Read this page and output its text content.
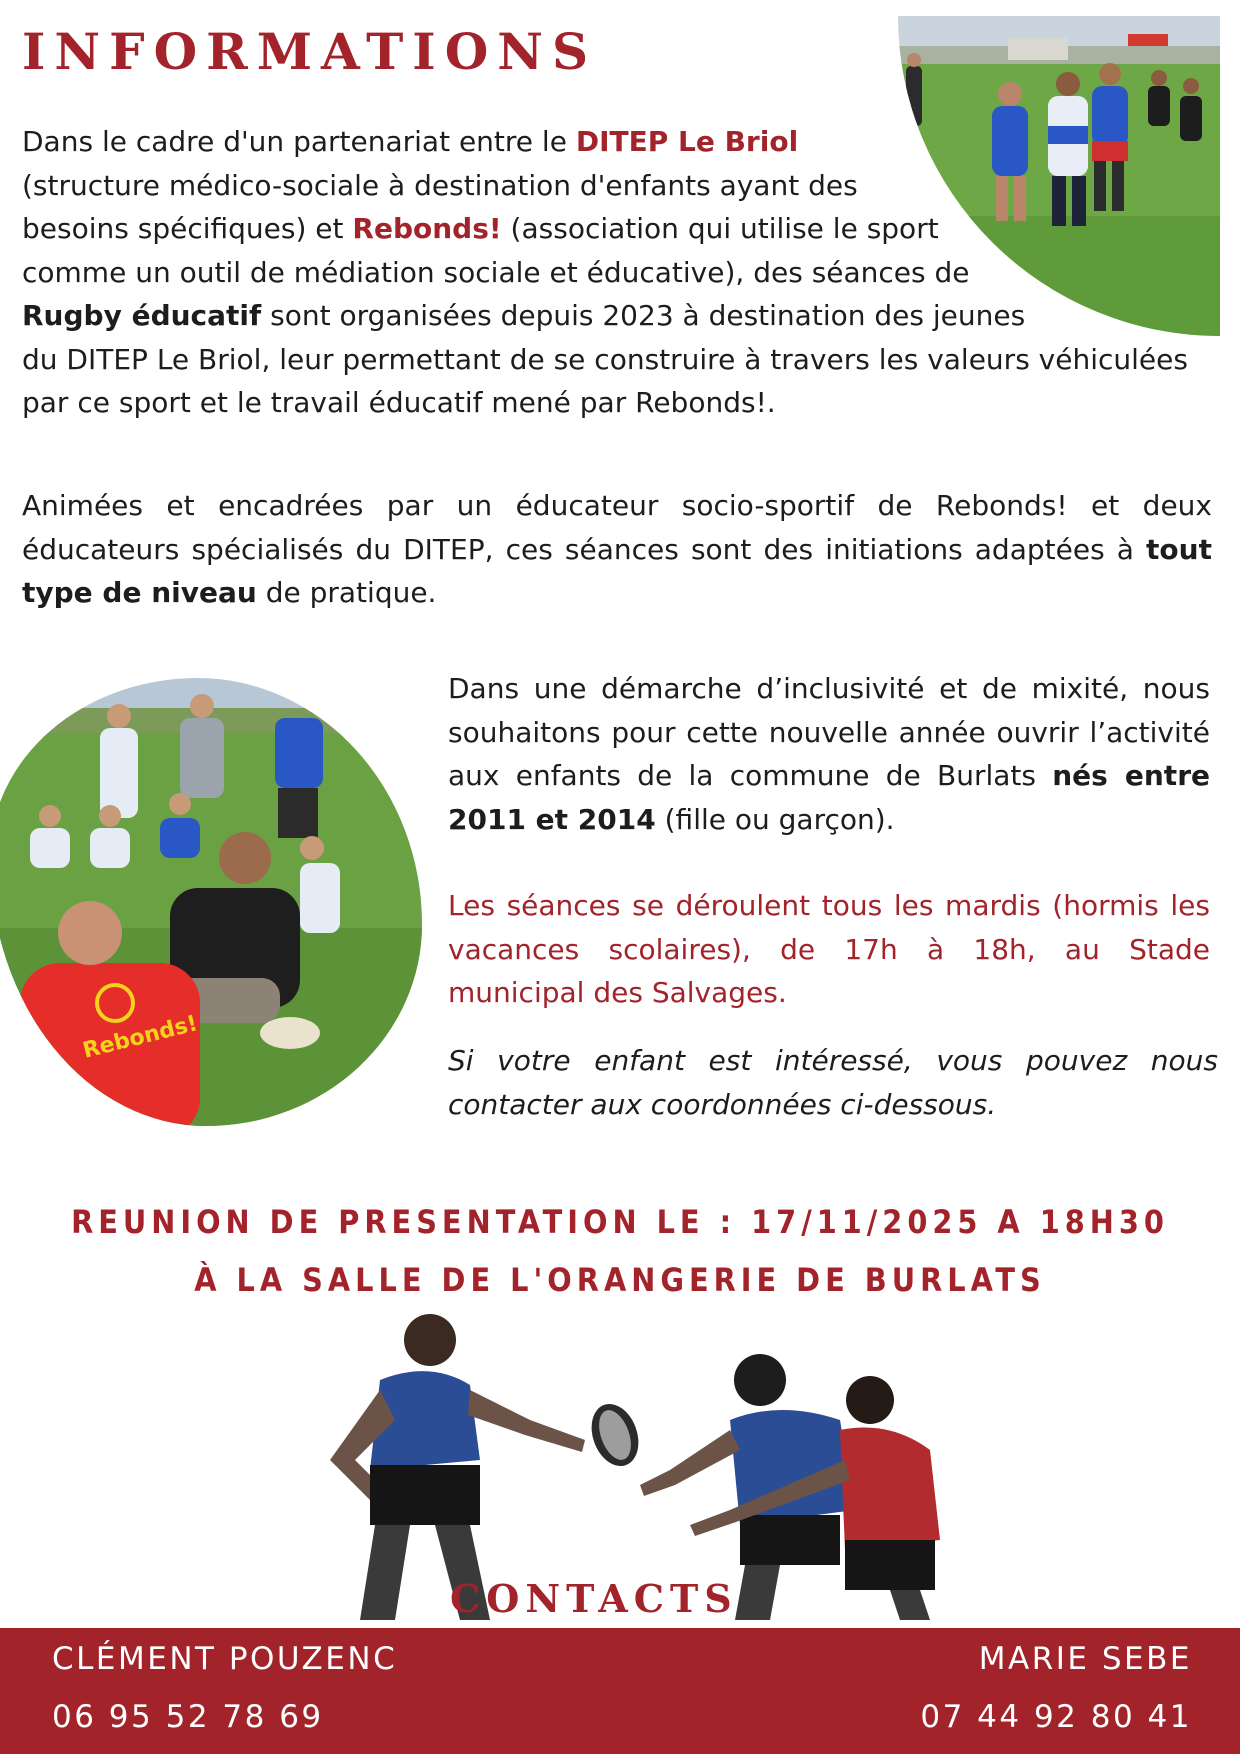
INFORMATIONS

Dans le cadre d'un partenariat entre le DITEP Le Briol
(structure médico-sociale à destination d'enfants ayant des
besoins spécifiques) et Rebonds! (association qui utilise le sport
comme un outil de médiation sociale et éducative), des séances de
Rugby éducatif sont organisées depuis 2023 à destination des jeunes
du DITEP Le Briol, leur permettant de se construire à travers les valeurs véhiculées
par ce sport et le travail éducatif mené par Rebonds!.

Animées et encadrées par un éducateur socio-sportif de Rebonds! et deux éducateurs spécialisés du DITEP, ces séances sont des initiations adaptées à tout type de niveau de pratique.

Rebonds!

Dans une démarche d’inclusivité et de mixité, nous souhaitons pour cette nouvelle année ouvrir l’activité aux enfants de la commune de Burlats nés entre 2011 et 2014 (fille ou garçon).

Les séances se déroulent tous les mardis (hormis les vacances scolaires), de 17h à 18h, au Stade municipal des Salvages.

Si votre enfant est intéressé, vous pouvez nous contacter aux coordonnées ci-dessous.

REUNION DE PRESENTATION LE : 17/11/2025 A 18H30
À LA SALLE DE L'ORANGERIE DE BURLATS
CONTACTS
CLÉMENT POUZENC
06 95 52 78 69
MARIE SEBE
07 44 92 80 41
